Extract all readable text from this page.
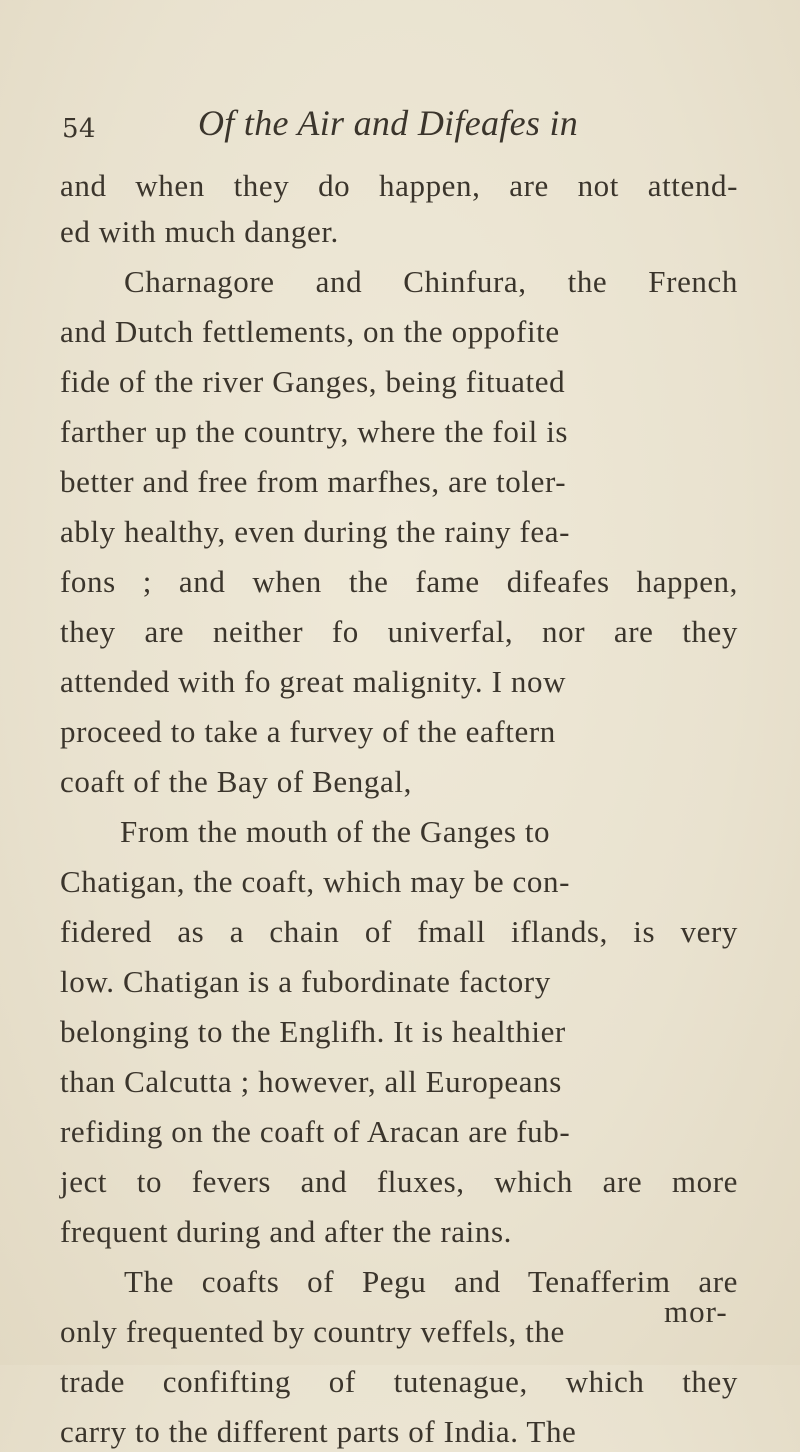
54	Of the Air and Difeafes in
and when they do happen, are not attend-
ed with much danger.
Charnagore and Chinfura, the French
and Dutch fettlements, on the oppofite
fide of the river Ganges, being fituated
farther up the country, where the foil is
better and free from marfhes, are toler-
ably healthy, even during the rainy fea-
fons ; and when the fame difeafes happen,
they are neither fo univerfal, nor are they
attended with fo great malignity. I now
proceed to take a furvey of the eaftern
coaft of the Bay of Bengal,
From the mouth of the Ganges to
Chatigan, the coaft, which may be con-
fidered as a chain of fmall iflands, is very
low. Chatigan is a fubordinate factory
belonging to the Englifh. It is healthier
than Calcutta ; however, all Europeans
refiding on the coaft of Aracan are fub-
ject to fevers and fluxes, which are more
frequent during and after the rains.
The coafts of Pegu and Tenafferim are
only frequented by country veffels, the
trade confifting of tutenague, which they
carry to the different parts of India. The
mor-
